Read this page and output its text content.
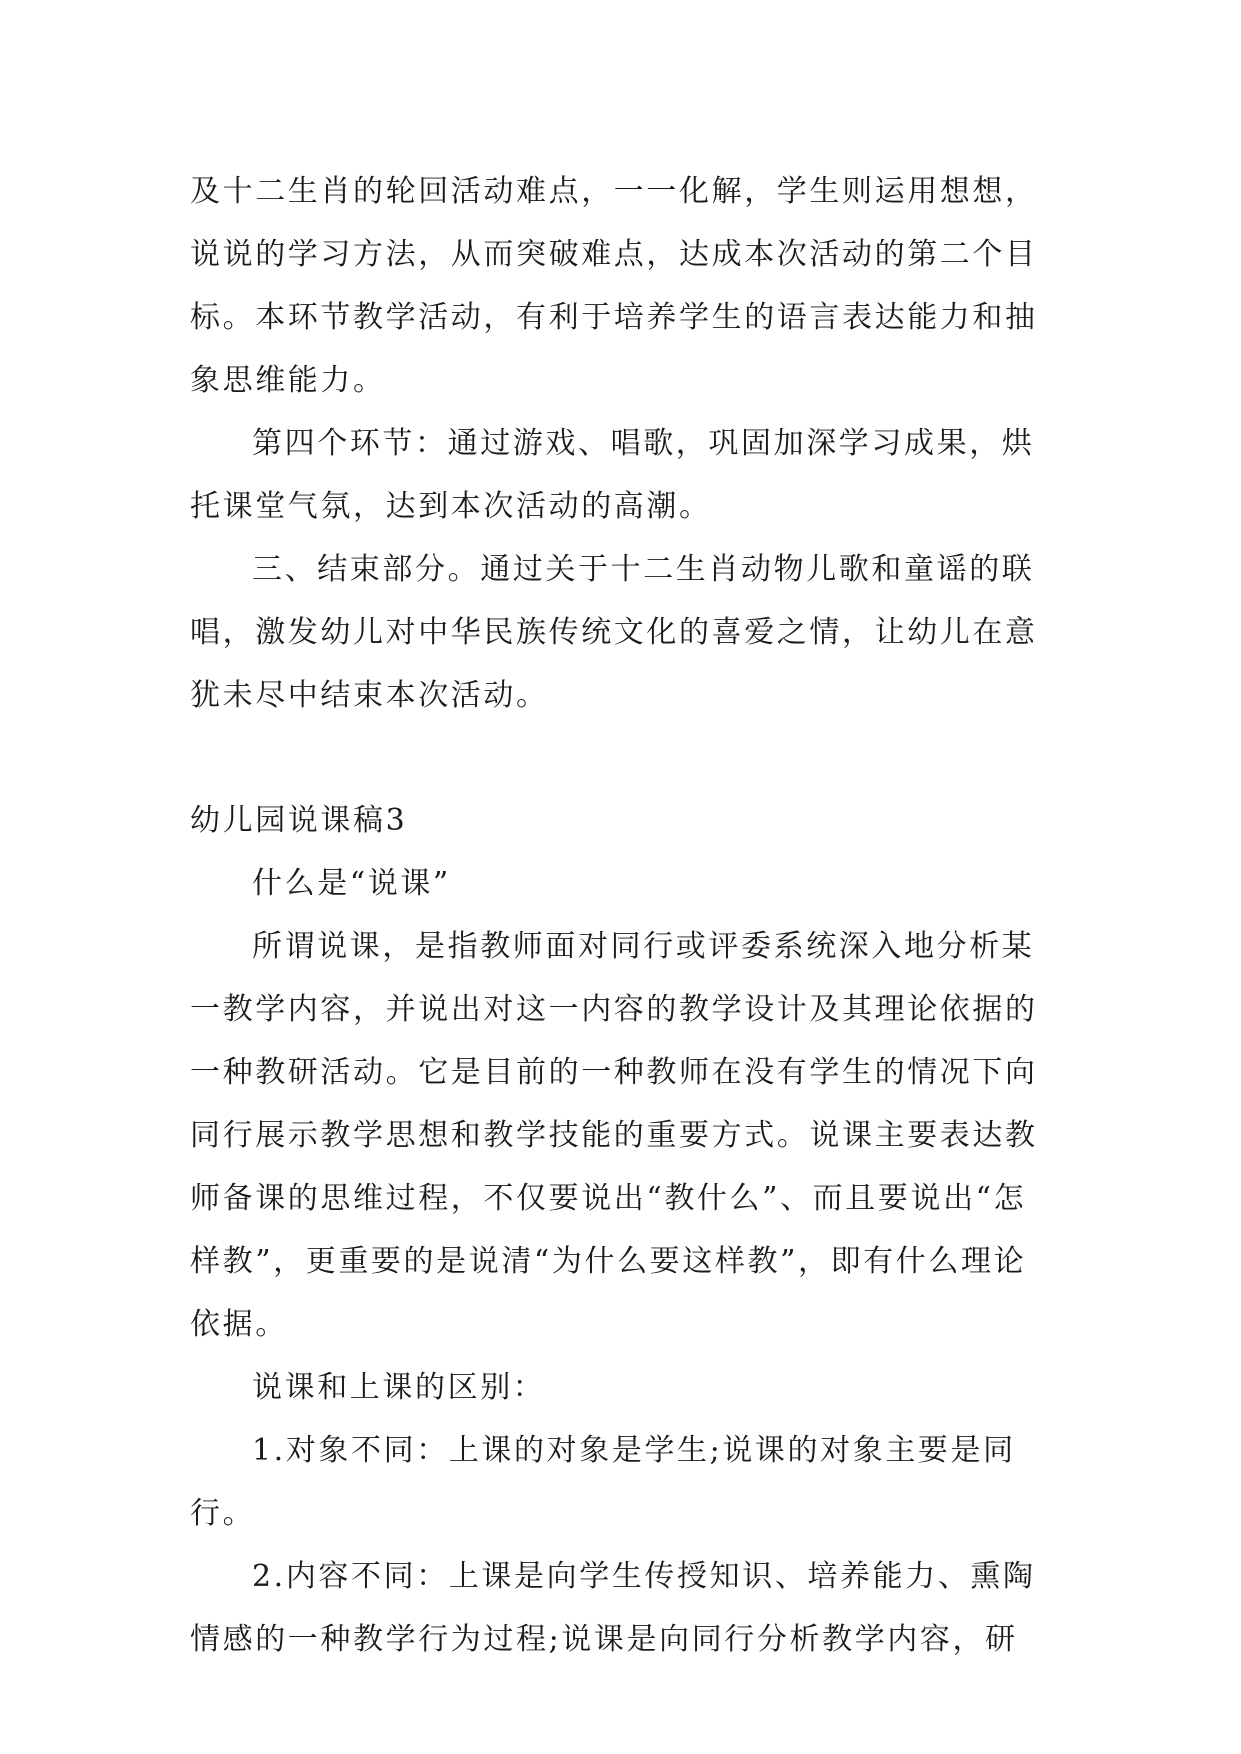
及十二生肖的轮回活动难点，一一化解，学生则运用想想，说说的学习方法，从而突破难点，达成本次活动的第二个目标。本环节教学活动，有利于培养学生的语言表达能力和抽象思维能力。

第四个环节：通过游戏、唱歌，巩固加深学习成果，烘托课堂气氛，达到本次活动的高潮。

三、结束部分。通过关于十二生肖动物儿歌和童谣的联唱，激发幼儿对中华民族传统文化的喜爱之情，让幼儿在意犹未尽中结束本次活动。

幼儿园说课稿3

什么是“说课”

所谓说课，是指教师面对同行或评委系统深入地分析某一教学内容，并说出对这一内容的教学设计及其理论依据的一种教研活动。它是目前的一种教师在没有学生的情况下向同行展示教学思想和教学技能的重要方式。说课主要表达教师备课的思维过程，不仅要说出“教什么”、而且要说出“怎样教”，更重要的是说清“为什么要这样教”，即有什么理论依据。

说课和上课的区别：

1.对象不同：上课的对象是学生;说课的对象主要是同行。

2.内容不同：上课是向学生传授知识、培养能力、熏陶情感的一种教学行为过程;说课是向同行分析教学内容，研
